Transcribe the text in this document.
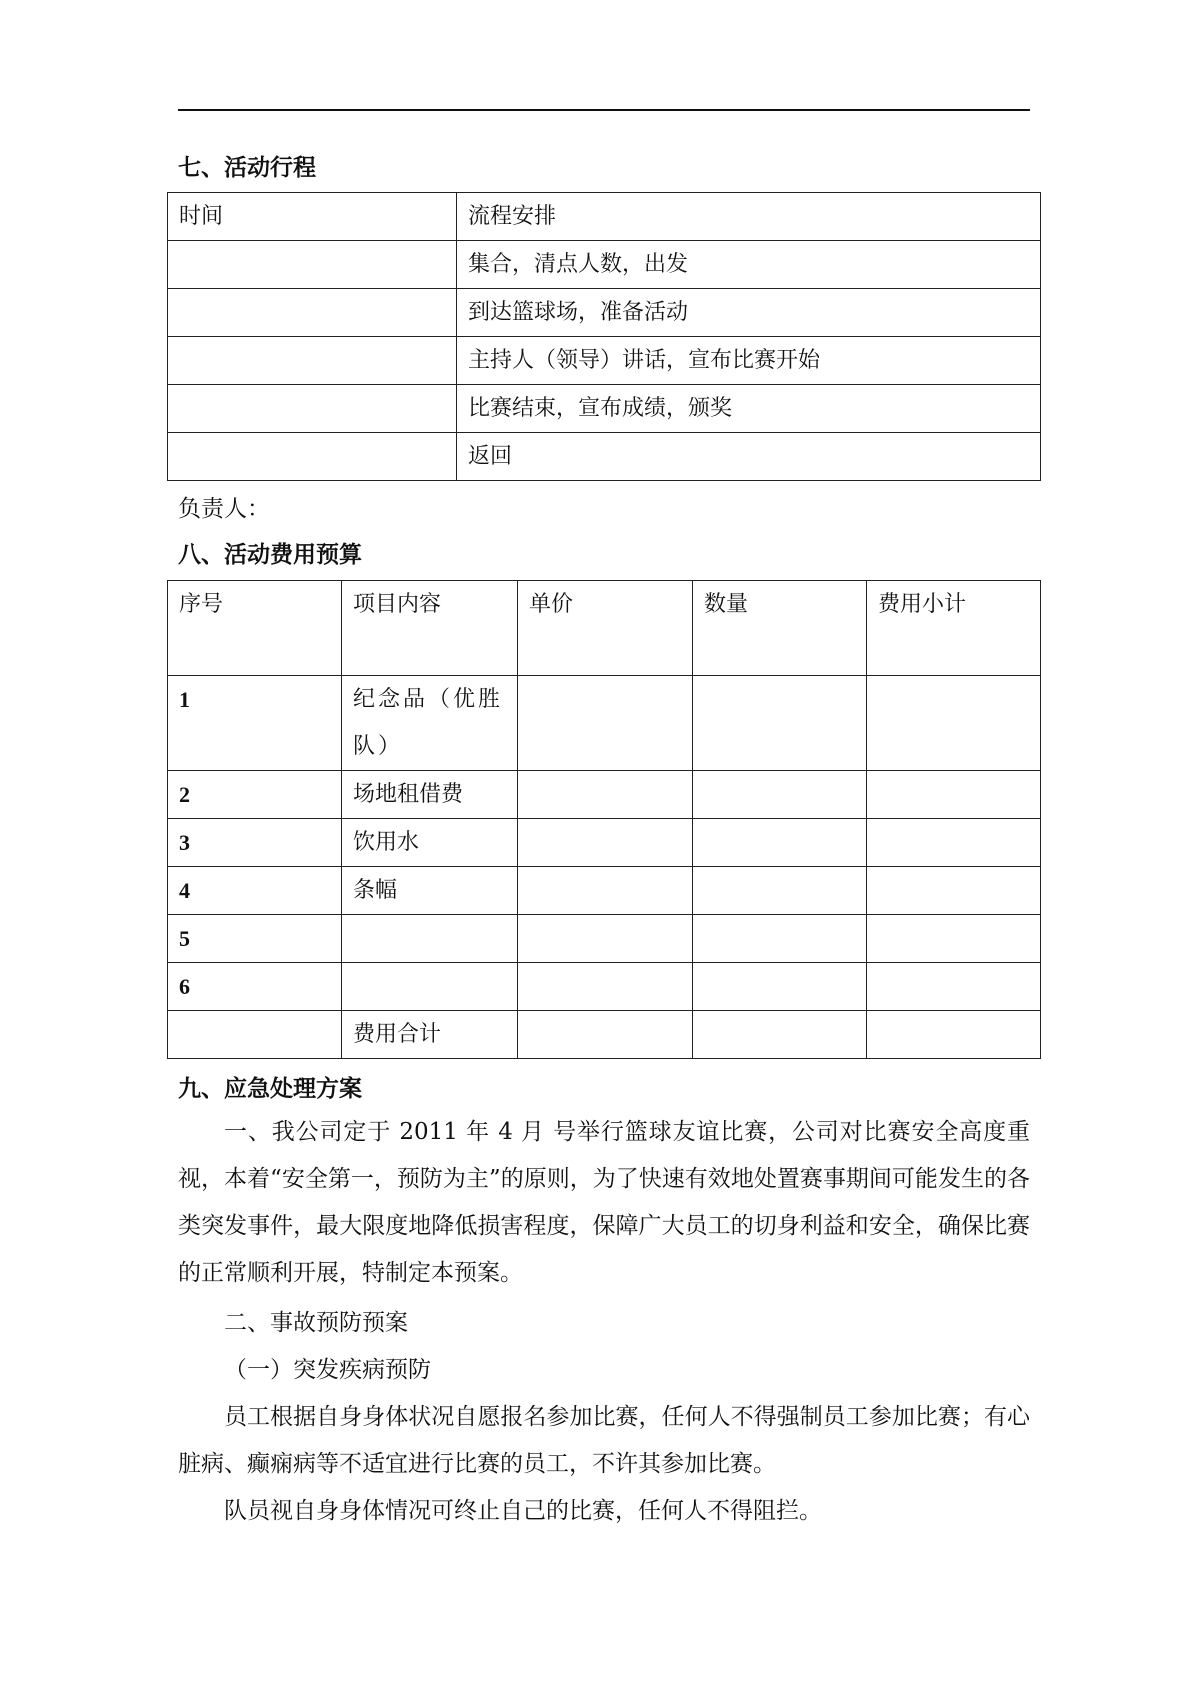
七、活动行程
时间	流程安排
	集合，清点人数，出发
	到达篮球场，准备活动
	主持人（领导）讲话，宣布比赛开始
	比赛结束，宣布成绩，颁奖
	返回
负责人：
八、活动费用预算
序号	项目内容	单价	数量	费用小计
1	纪念品（优胜队）			
2	场地租借费			
3	饮用水			
4	条幅			
5				
6				
	费用合计			
九、应急处理方案
一、我公司定于 2011 年 4 月 号举行篮球友谊比赛，公司对比赛安全高度重视，本着“安全第一，预防为主”的原则，为了快速有效地处置赛事期间可能发生的各类突发事件，最大限度地降低损害程度，保障广大员工的切身利益和安全，确保比赛的正常顺利开展，特制定本预案。
二、事故预防预案
（一）突发疾病预防
员工根据自身身体状况自愿报名参加比赛，任何人不得强制员工参加比赛；有心脏病、癫痫病等不适宜进行比赛的员工，不许其参加比赛。
队员视自身身体情况可终止自己的比赛，任何人不得阻拦。
